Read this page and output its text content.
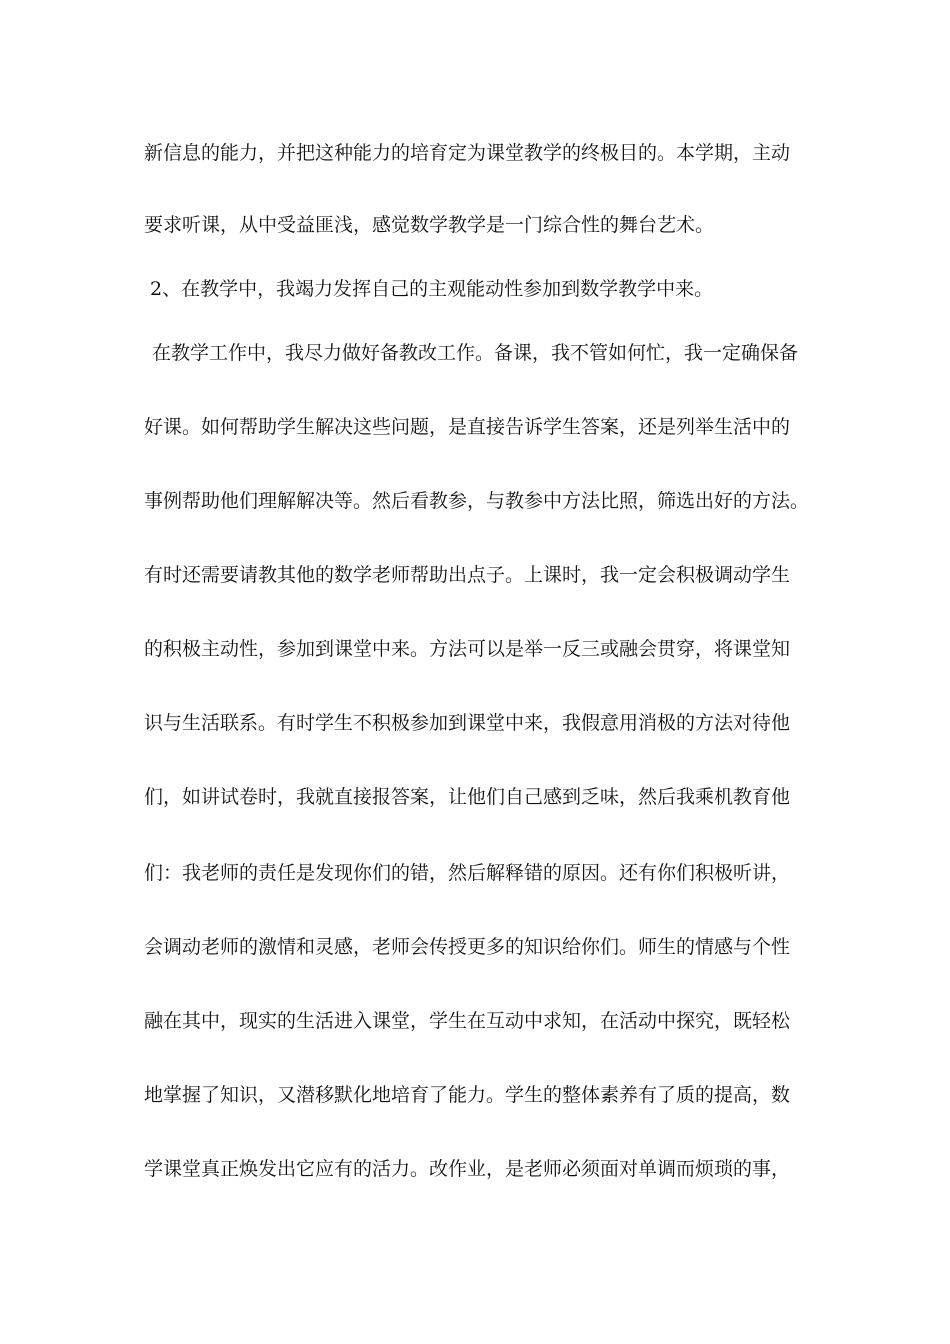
新信息的能力，并把这种能力的培育定为课堂教学的终极目的。本学期，主动
要求听课，从中受益匪浅，感觉数学教学是一门综合性的舞台艺术。
2、在教学中，我竭力发挥自己的主观能动性参加到数学教学中来。
在教学工作中，我尽力做好备教改工作。备课，我不管如何忙，我一定确保备
好课。如何帮助学生解决这些问题，是直接告诉学生答案，还是列举生活中的
事例帮助他们理解解决等。然后看教参，与教参中方法比照，筛选出好的方法。
有时还需要请教其他的数学老师帮助出点子。上课时，我一定会积极调动学生
的积极主动性，参加到课堂中来。方法可以是举一反三或融会贯穿，将课堂知
识与生活联系。有时学生不积极参加到课堂中来，我假意用消极的方法对待他
们，如讲试卷时，我就直接报答案，让他们自己感到乏味，然后我乘机教育他
们：我老师的责任是发现你们的错，然后解释错的原因。还有你们积极听讲，
会调动老师的激情和灵感，老师会传授更多的知识给你们。师生的情感与个性
融在其中，现实的生活进入课堂，学生在互动中求知，在活动中探究，既轻松
地掌握了知识，又潜移默化地培育了能力。学生的整体素养有了质的提高，数
学课堂真正焕发出它应有的活力。改作业，是老师必须面对单调而烦琐的事，
